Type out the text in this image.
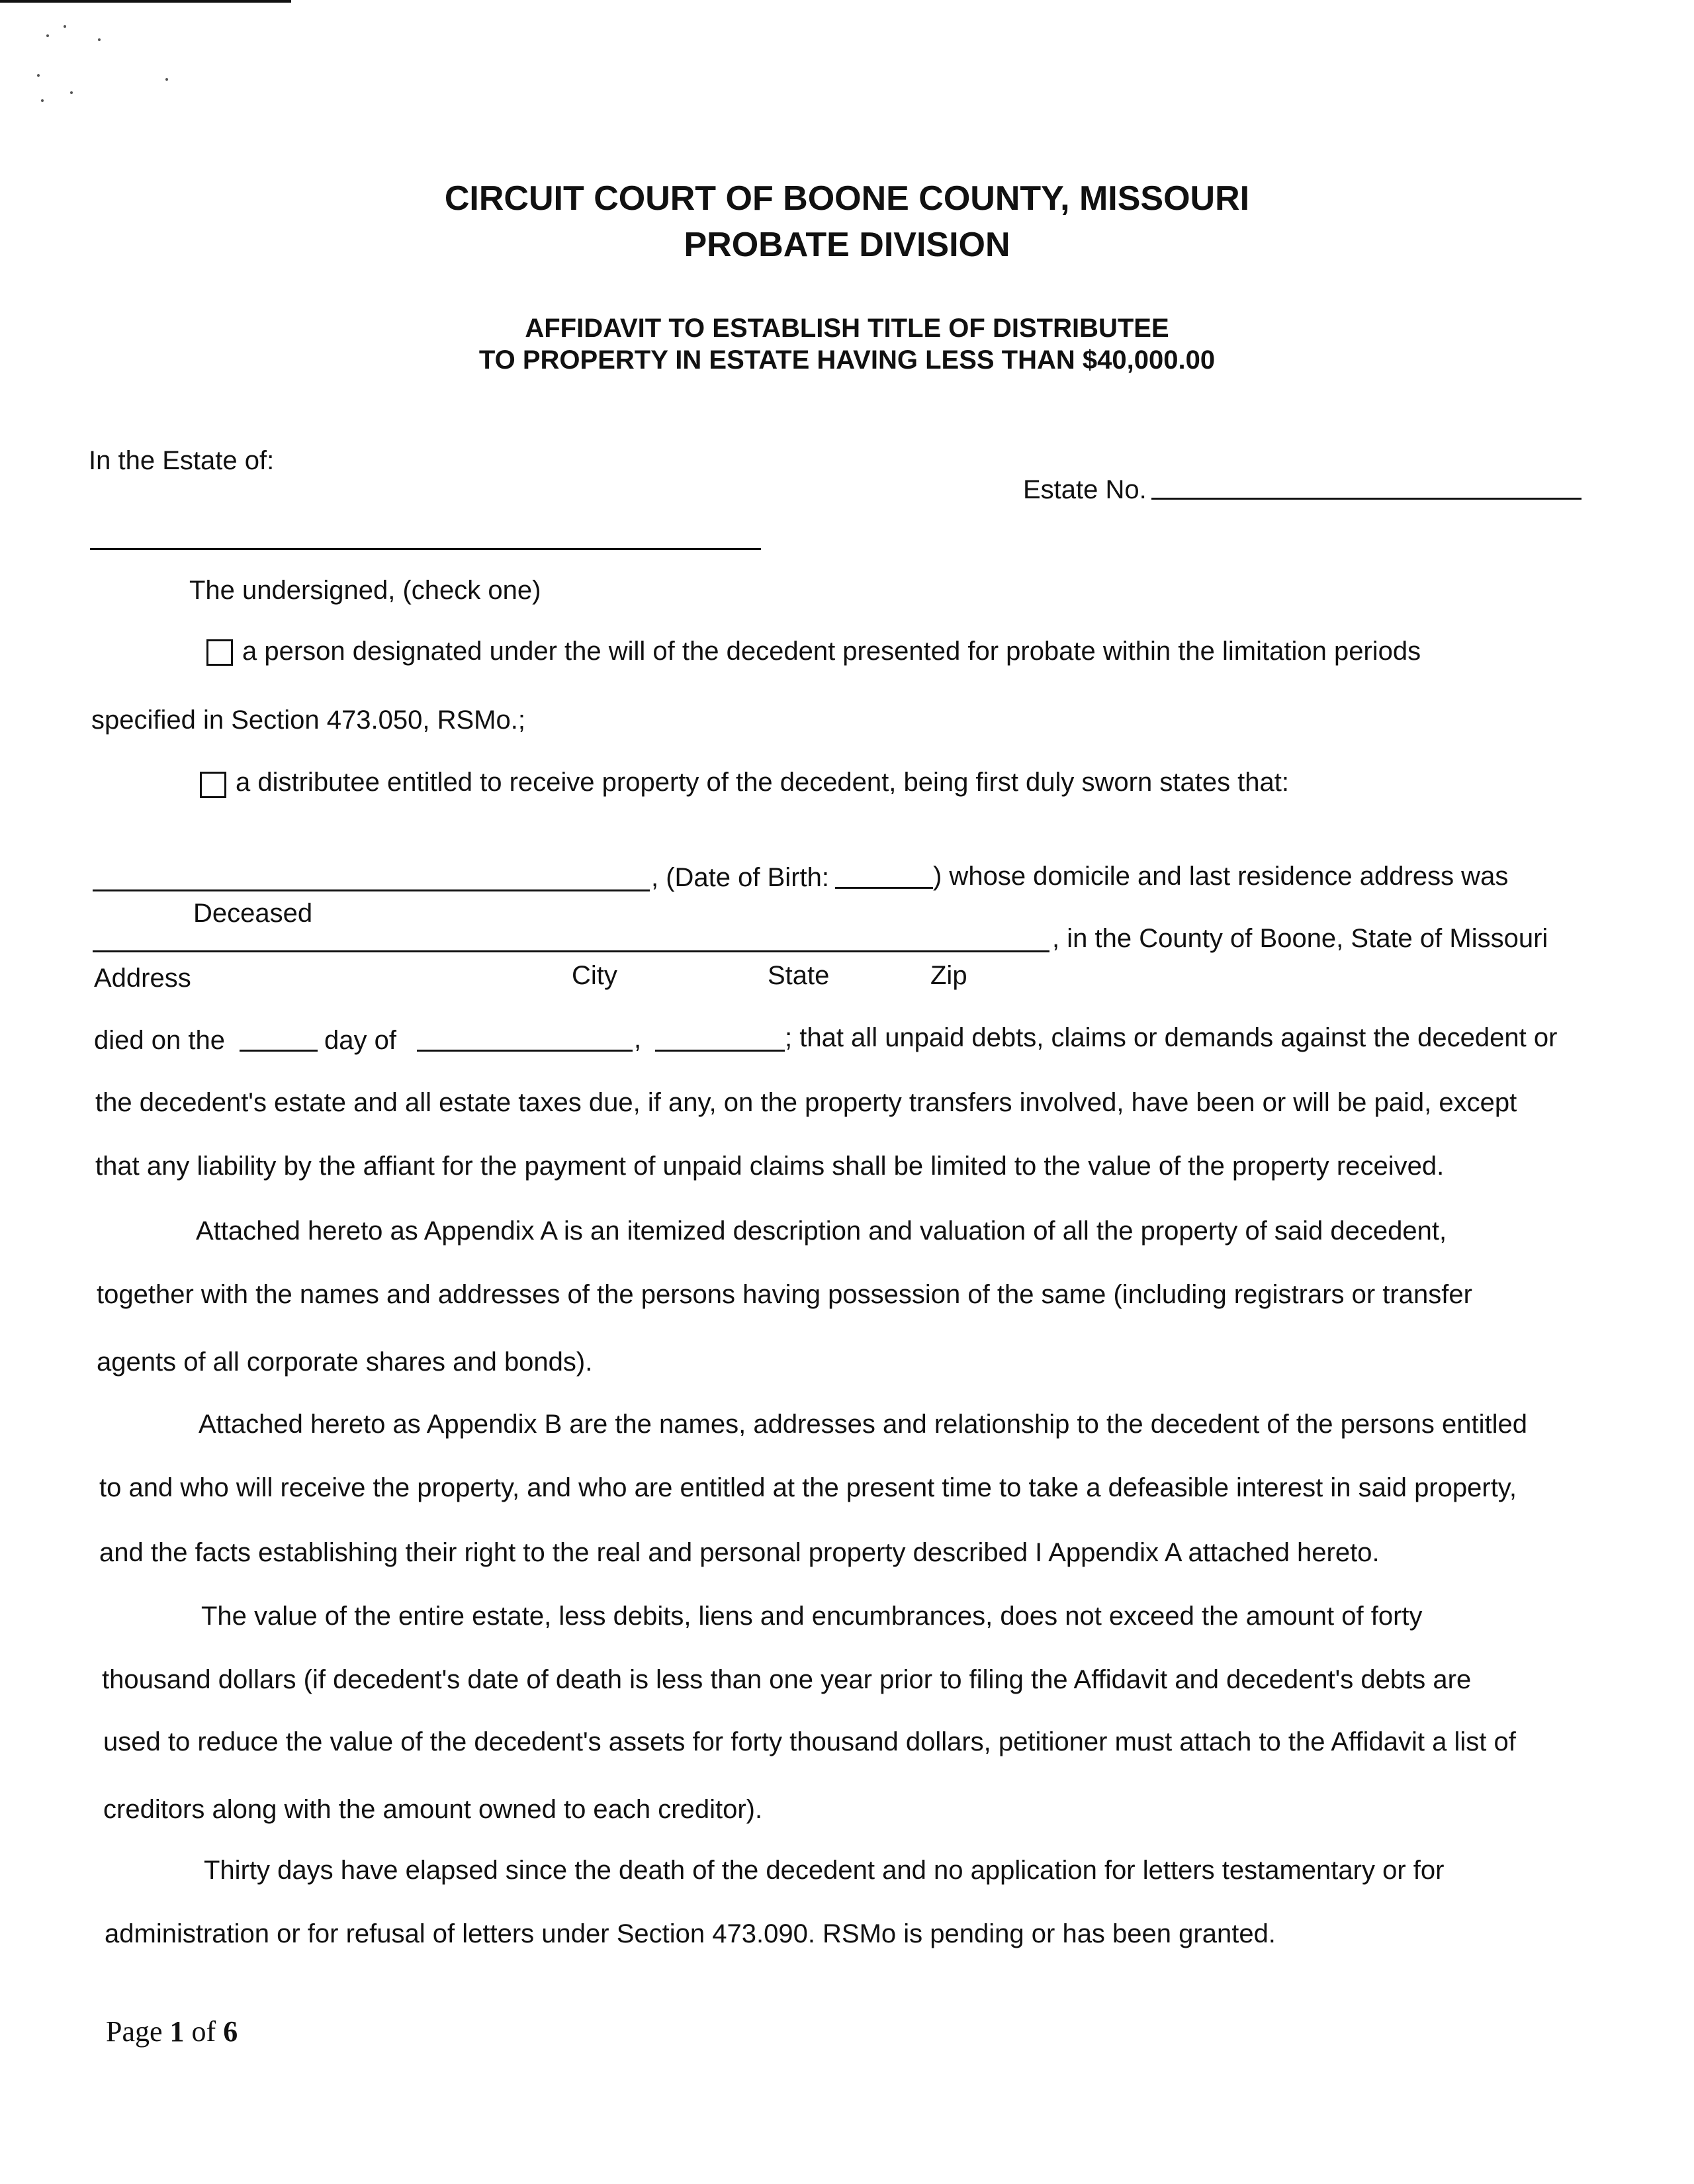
CIRCUIT COURT OF BOONE COUNTY, MISSOURI
PROBATE DIVISION
AFFIDAVIT TO ESTABLISH TITLE OF DISTRIBUTEE
TO PROPERTY IN ESTATE HAVING LESS THAN $40,000.00
In the Estate of:
Estate No.
The undersigned, (check one)
a person designated under the will of the decedent presented for probate within the limitation periods
specified in Section 473.050, RSMo.;
a distributee entitled to receive property of the decedent, being first duly sworn states that:
, (Date of Birth:	) whose domicile and last residence address was
Deceased
, in the County of Boone, State of Missouri
Address	City	State	Zip
died on the	day of	,	; that all unpaid debts, claims or demands against the decedent or
the decedent's estate and all estate taxes due, if any, on the property transfers involved, have been or will be paid, except
that any liability by the affiant for the payment of unpaid claims shall be limited to the value of the property received.
Attached hereto as Appendix A is an itemized description and valuation of all the property of said decedent,
together with the names and addresses of the persons having possession of the same (including registrars or transfer
agents of all corporate shares and bonds).
Attached hereto as Appendix B are the names, addresses and relationship to the decedent of the persons entitled
to and who will receive the property, and who are entitled at the present time to take a defeasible interest in said property,
and the facts establishing their right to the real and personal property described I Appendix A attached hereto.
The value of the entire estate, less debits, liens and encumbrances, does not exceed the amount of forty
thousand dollars (if decedent's date of death is less than one year prior to filing the Affidavit and decedent's debts are
used to reduce the value of the decedent's assets for forty thousand dollars, petitioner must attach to the Affidavit a list of
creditors along with the amount owned to each creditor).
Thirty days have elapsed since the death of the decedent and no application for letters testamentary or for
administration or for refusal of letters under Section 473.090. RSMo is pending or has been granted.
Page 1 of 6
